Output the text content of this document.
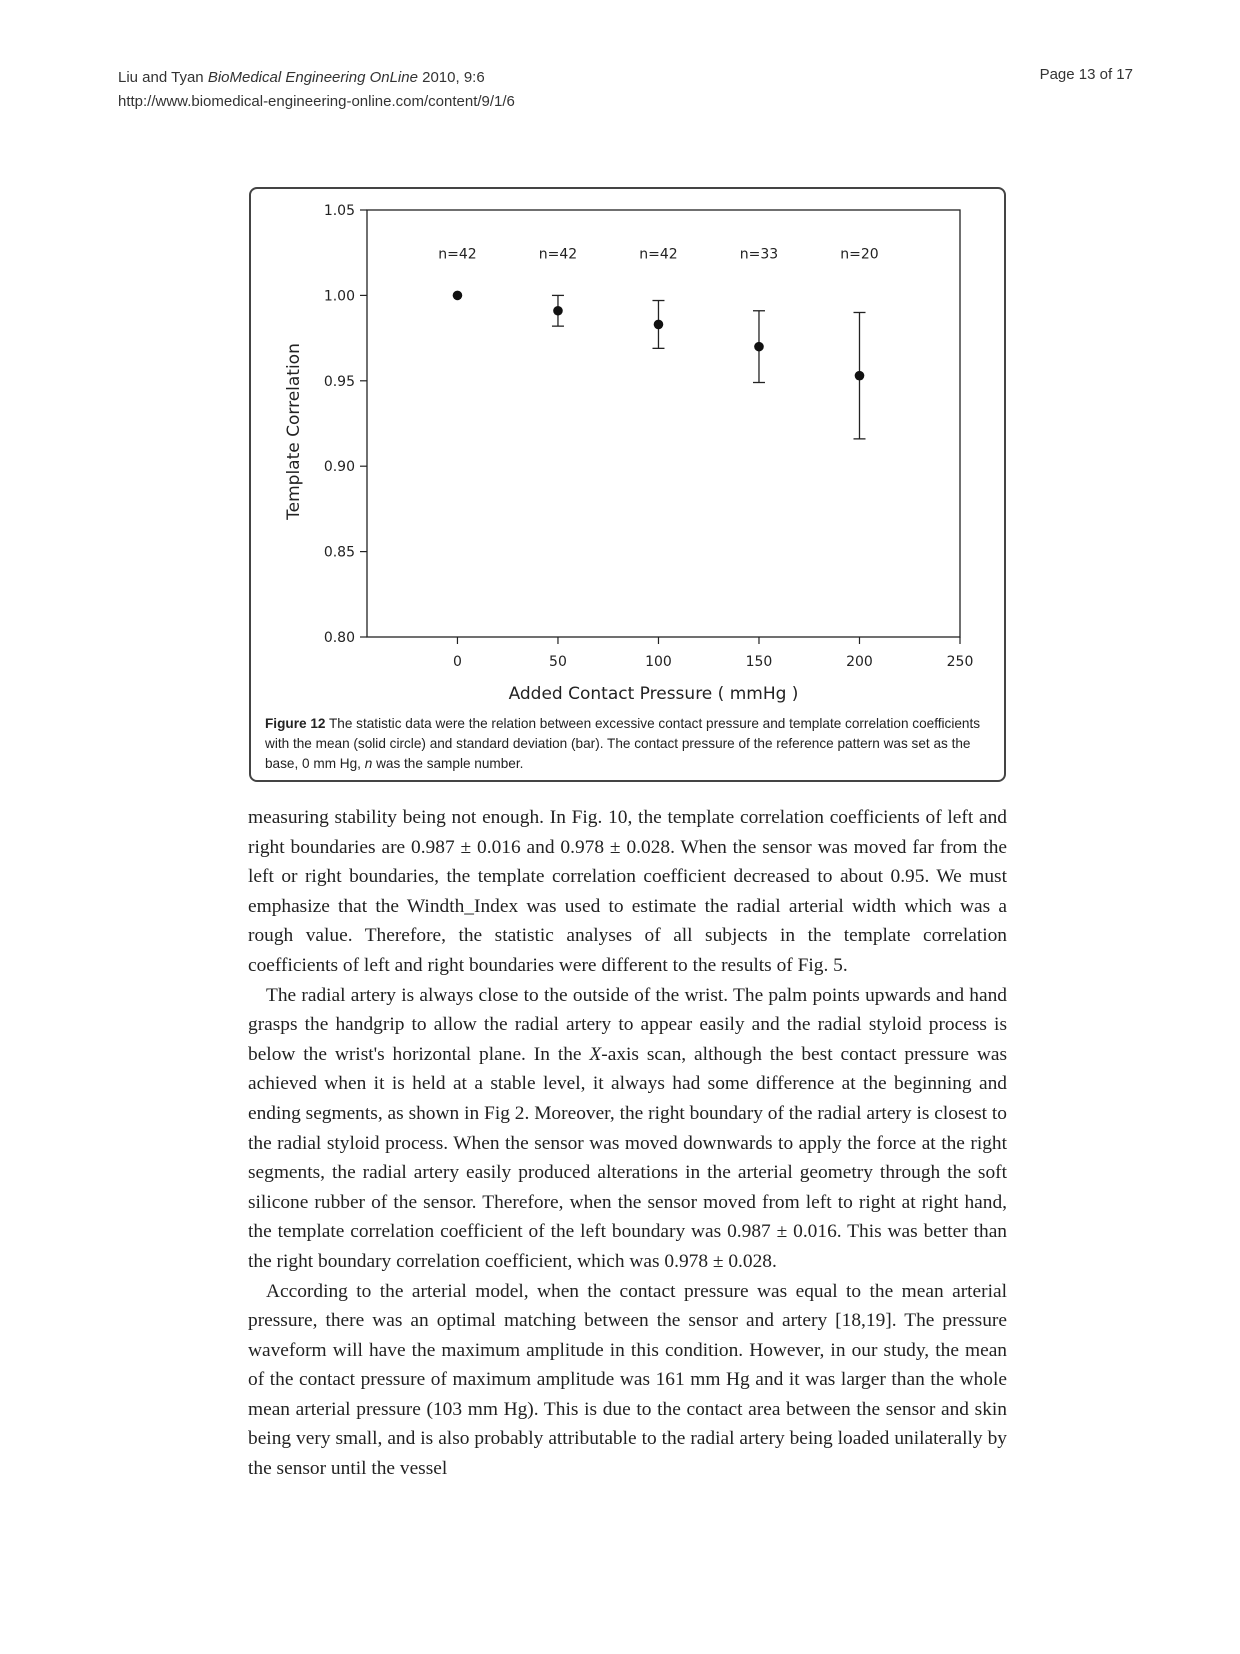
Liu and Tyan BioMedical Engineering OnLine 2010, 9:6
http://www.biomedical-engineering-online.com/content/9/1/6
Page 13 of 17
0.80
0.85
0.90
0.95
1.00
1.05
0	50	100	150	200	250
Added Contact Pressure ( mmHg )
Template Correlation
n=42	n=42	n=42	n=33	n=20
Figure 12 The statistic data were the relation between excessive contact pressure and template correlation coefficients with the mean (solid circle) and standard deviation (bar). The contact pressure of the reference pattern was set as the base, 0 mm Hg, n was the sample number.

measuring stability being not enough. In Fig. 10, the template correlation coefficients of left and right boundaries are 0.987 ± 0.016 and 0.978 ± 0.028. When the sensor was moved far from the left or right boundaries, the template correlation coefficient decreased to about 0.95. We must emphasize that the Windth_Index was used to estimate the radial arterial width which was a rough value. Therefore, the statistic analyses of all subjects in the template correlation coefficients of left and right boundaries were different to the results of Fig. 5.

The radial artery is always close to the outside of the wrist. The palm points upwards and hand grasps the handgrip to allow the radial artery to appear easily and the radial styloid process is below the wrist's horizontal plane. In the X-axis scan, although the best contact pressure was achieved when it is held at a stable level, it always had some difference at the beginning and ending segments, as shown in Fig 2. Moreover, the right boundary of the radial artery is closest to the radial styloid process. When the sensor was moved downwards to apply the force at the right segments, the radial artery easily produced alterations in the arterial geometry through the soft silicone rubber of the sensor. Therefore, when the sensor moved from left to right at right hand, the template correlation coefficient of the left boundary was 0.987 ± 0.016. This was better than the right boundary correlation coefficient, which was 0.978 ± 0.028.

According to the arterial model, when the contact pressure was equal to the mean arterial pressure, there was an optimal matching between the sensor and artery [18,19]. The pressure waveform will have the maximum amplitude in this condition. However, in our study, the mean of the contact pressure of maximum amplitude was 161 mm Hg and it was larger than the whole mean arterial pressure (103 mm Hg). This is due to the contact area between the sensor and skin being very small, and is also probably attributable to the radial artery being loaded unilaterally by the sensor until the vessel
